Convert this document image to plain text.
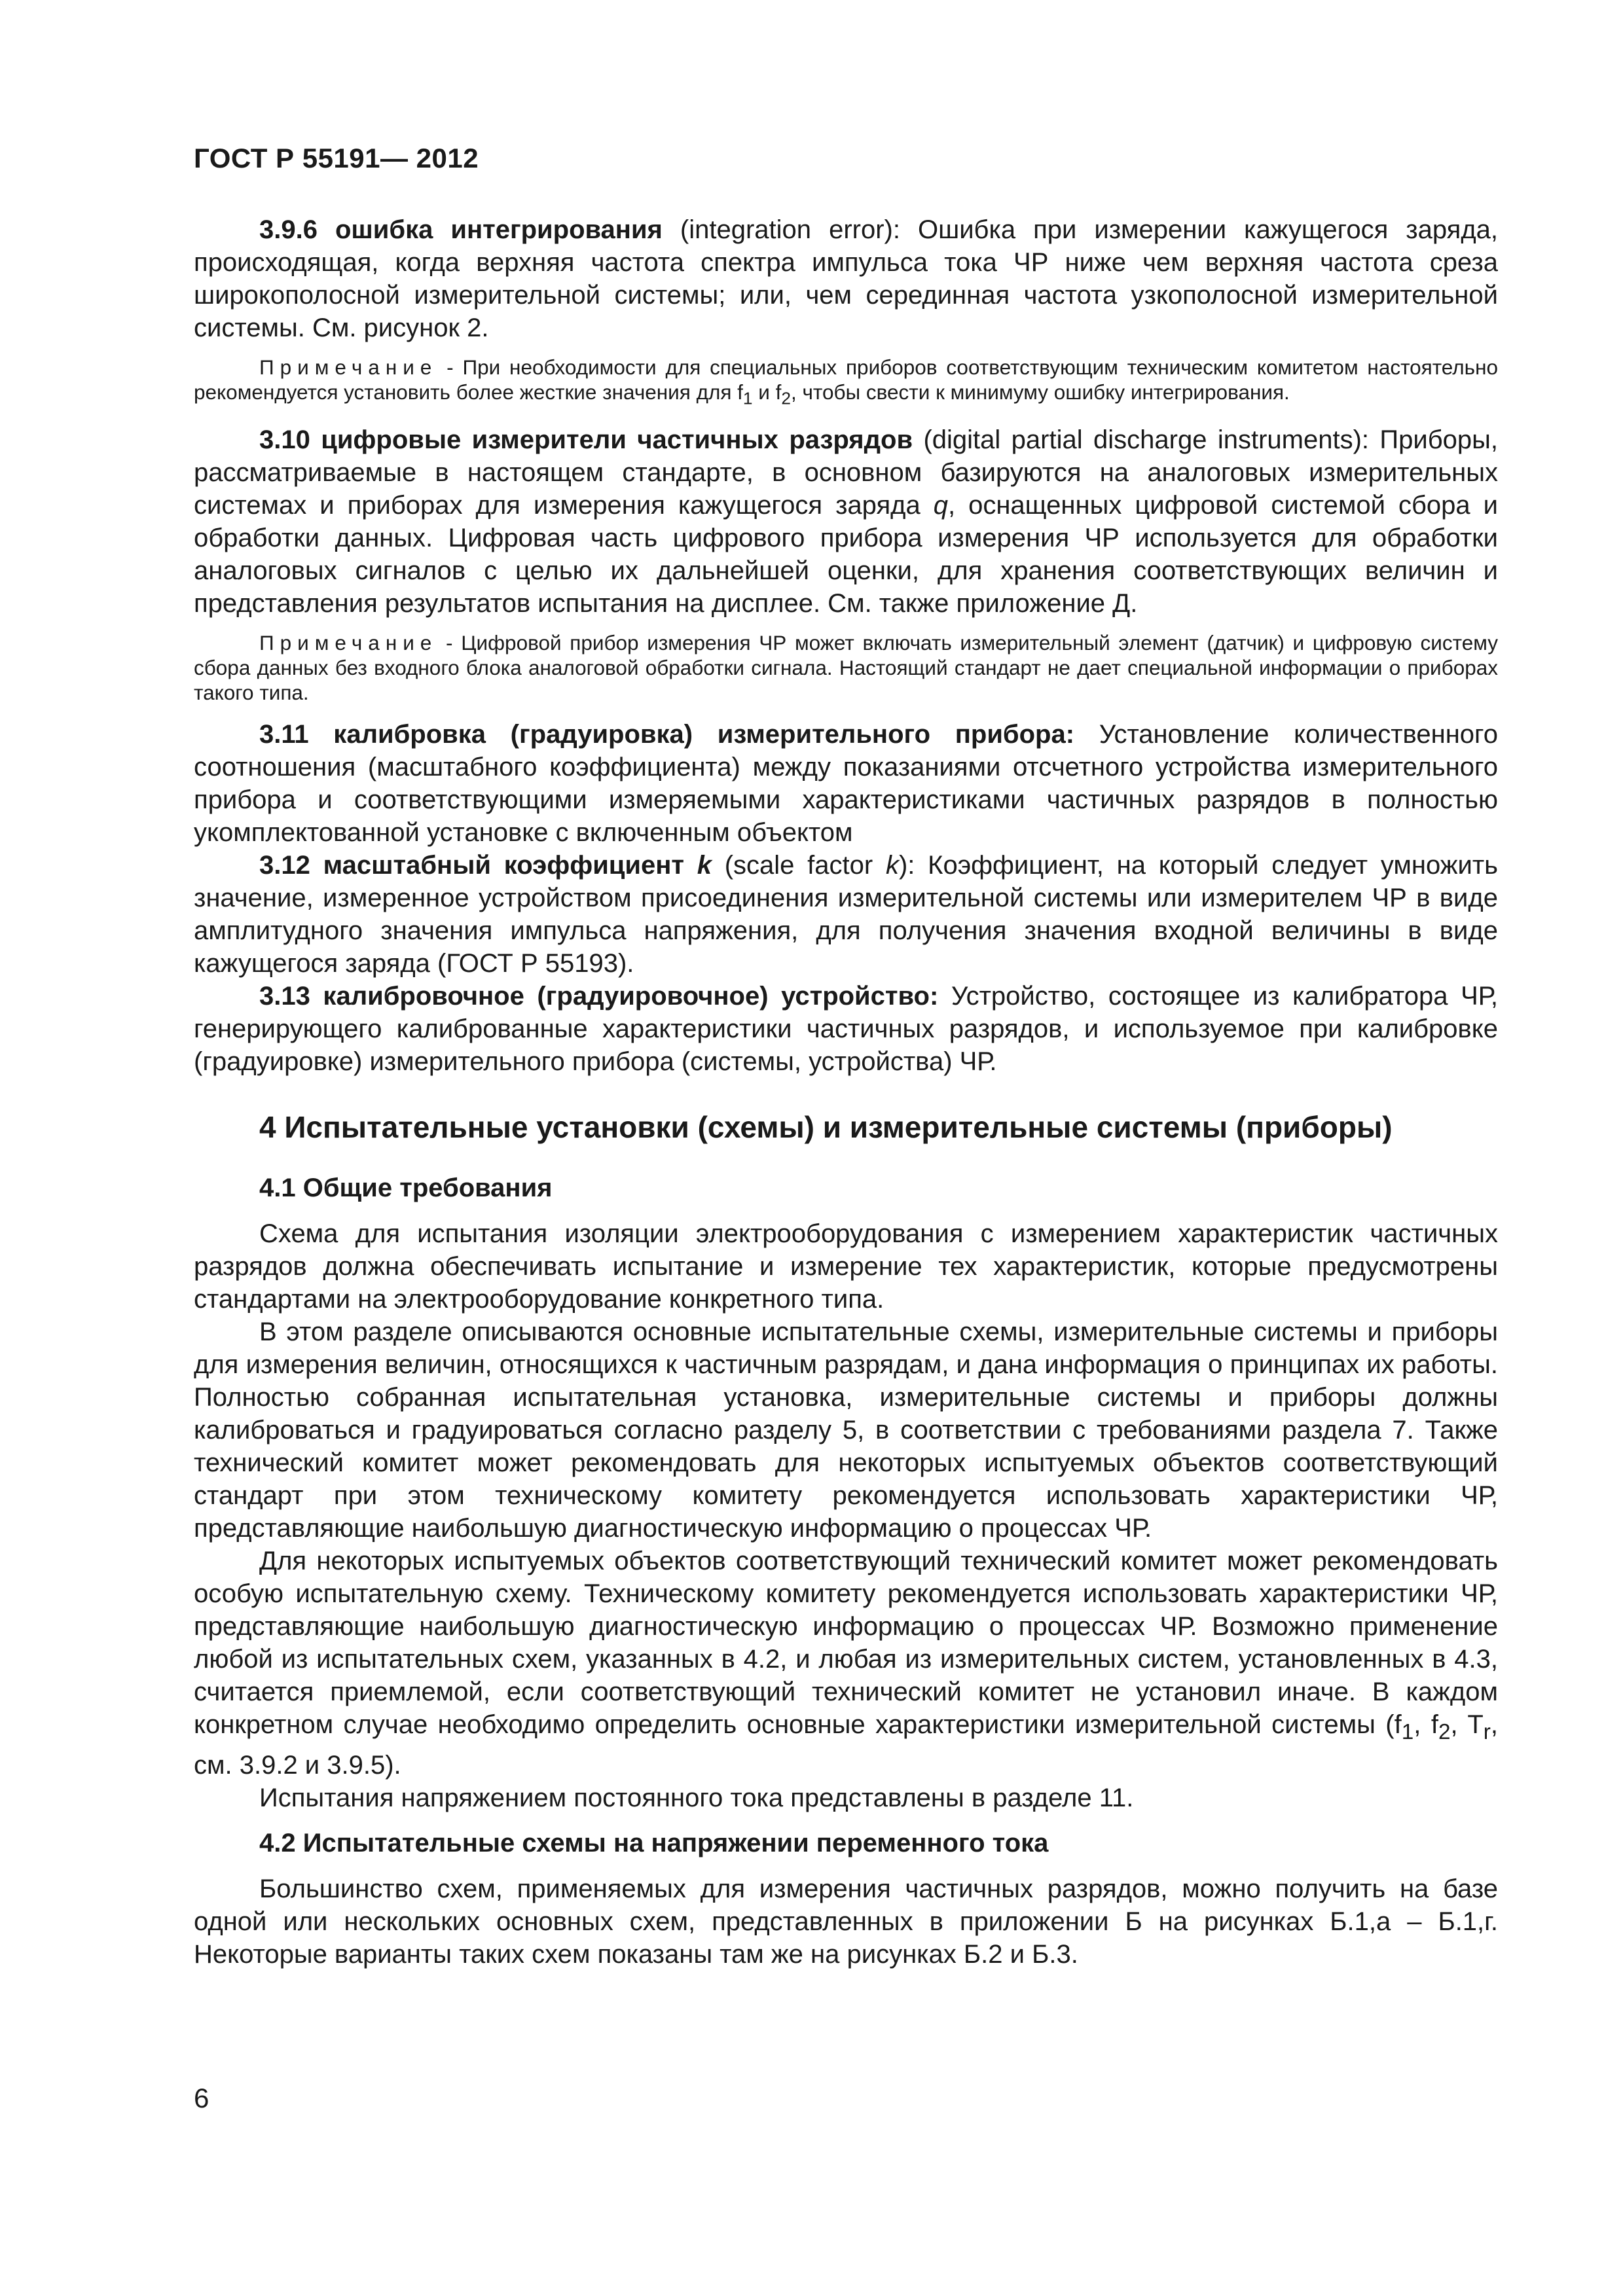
ГОСТ Р 55191— 2012

3.9.6 ошибка интегрирования (integration error): Ошибка при измерении кажущегося заряда, происходящая, когда верхняя частота спектра импульса тока ЧР ниже чем верхняя частота среза широкополосной измерительной системы; или, чем серединная частота узкополосной измерительной системы. См. рисунок 2.

Примечание - При необходимости для специальных приборов соответствующим техническим комитетом настоятельно рекомендуется установить более жесткие значения для $f_1$ и $f_2$, чтобы свести к минимуму ошибку интегрирования.

3.10 цифровые измерители частичных разрядов (digital partial discharge instruments): Приборы, рассматриваемые в настоящем стандарте, в основном базируются на аналоговых измерительных системах и приборах для измерения кажущегося заряда q, оснащенных цифровой системой сбора и обработки данных. Цифровая часть цифрового прибора измерения ЧР используется для обработки аналоговых сигналов с целью их дальнейшей оценки, для хранения соответствующих величин и представления результатов испытания на дисплее. См. также приложение Д.

Примечание - Цифровой прибор измерения ЧР может включать измерительный элемент (датчик) и цифровую систему сбора данных без входного блока аналоговой обработки сигнала. Настоящий стандарт не дает специальной информации о приборах такого типа.

3.11 калибровка (градуировка) измерительного прибора: Установление количественного соотношения (масштабного коэффициента) между показаниями отсчетного устройства измерительного прибора и соответствующими измеряемыми характеристиками частичных разрядов в полностью укомплектованной установке с включенным объектом

3.12 масштабный коэффициент k (scale factor k): Коэффициент, на который следует умножить значение, измеренное устройством присоединения измерительной системы или измерителем ЧР в виде амплитудного значения импульса напряжения, для получения значения входной величины в виде кажущегося заряда (ГОСТ Р 55193).

3.13 калибровочное (градуировочное) устройство: Устройство, состоящее из калибратора ЧР, генерирующего калиброванные характеристики частичных разрядов, и используемое при калибровке (градуировке) измерительного прибора (системы, устройства) ЧР.

4 Испытательные установки (схемы) и измерительные системы (приборы)
4.1 Общие требования

Схема для испытания изоляции электрооборудования с измерением характеристик частичных разрядов должна обеспечивать испытание и измерение тех характеристик, которые предусмотрены стандартами на электрооборудование конкретного типа.

В этом разделе описываются основные испытательные схемы, измерительные системы и приборы для измерения величин, относящихся к частичным разрядам, и дана информация о принципах их работы. Полностью собранная испытательная установка, измерительные системы и приборы должны калиброваться и градуироваться согласно разделу 5, в соответствии с требованиями раздела 7. Также технический комитет может рекомендовать для некоторых испытуемых объектов соответствующий стандарт при этом техническому комитету рекомендуется использовать характеристики ЧР, представляющие наибольшую диагностическую информацию о процессах ЧР.

Для некоторых испытуемых объектов соответствующий технический комитет может рекомендовать особую испытательную схему. Техническому комитету рекомендуется использовать характеристики ЧР, представляющие наибольшую диагностическую информацию о процессах ЧР. Возможно применение любой из испытательных схем, указанных в 4.2, и любая из измерительных систем, установленных в 4.3, считается приемлемой, если соответствующий технический комитет не установил иначе. В каждом конкретном случае необходимо определить основные характеристики измерительной системы ($f_1$, $f_2$, $T_r$, см. 3.9.2 и 3.9.5).

Испытания напряжением постоянного тока представлены в разделе 11.

4.2 Испытательные схемы на напряжении переменного тока

Большинство схем, применяемых для измерения частичных разрядов, можно получить на базе одной или нескольких основных схем, представленных в приложении Б на рисунках Б.1,а – Б.1,г. Некоторые варианты таких схем показаны там же на рисунках Б.2 и Б.3.

6
